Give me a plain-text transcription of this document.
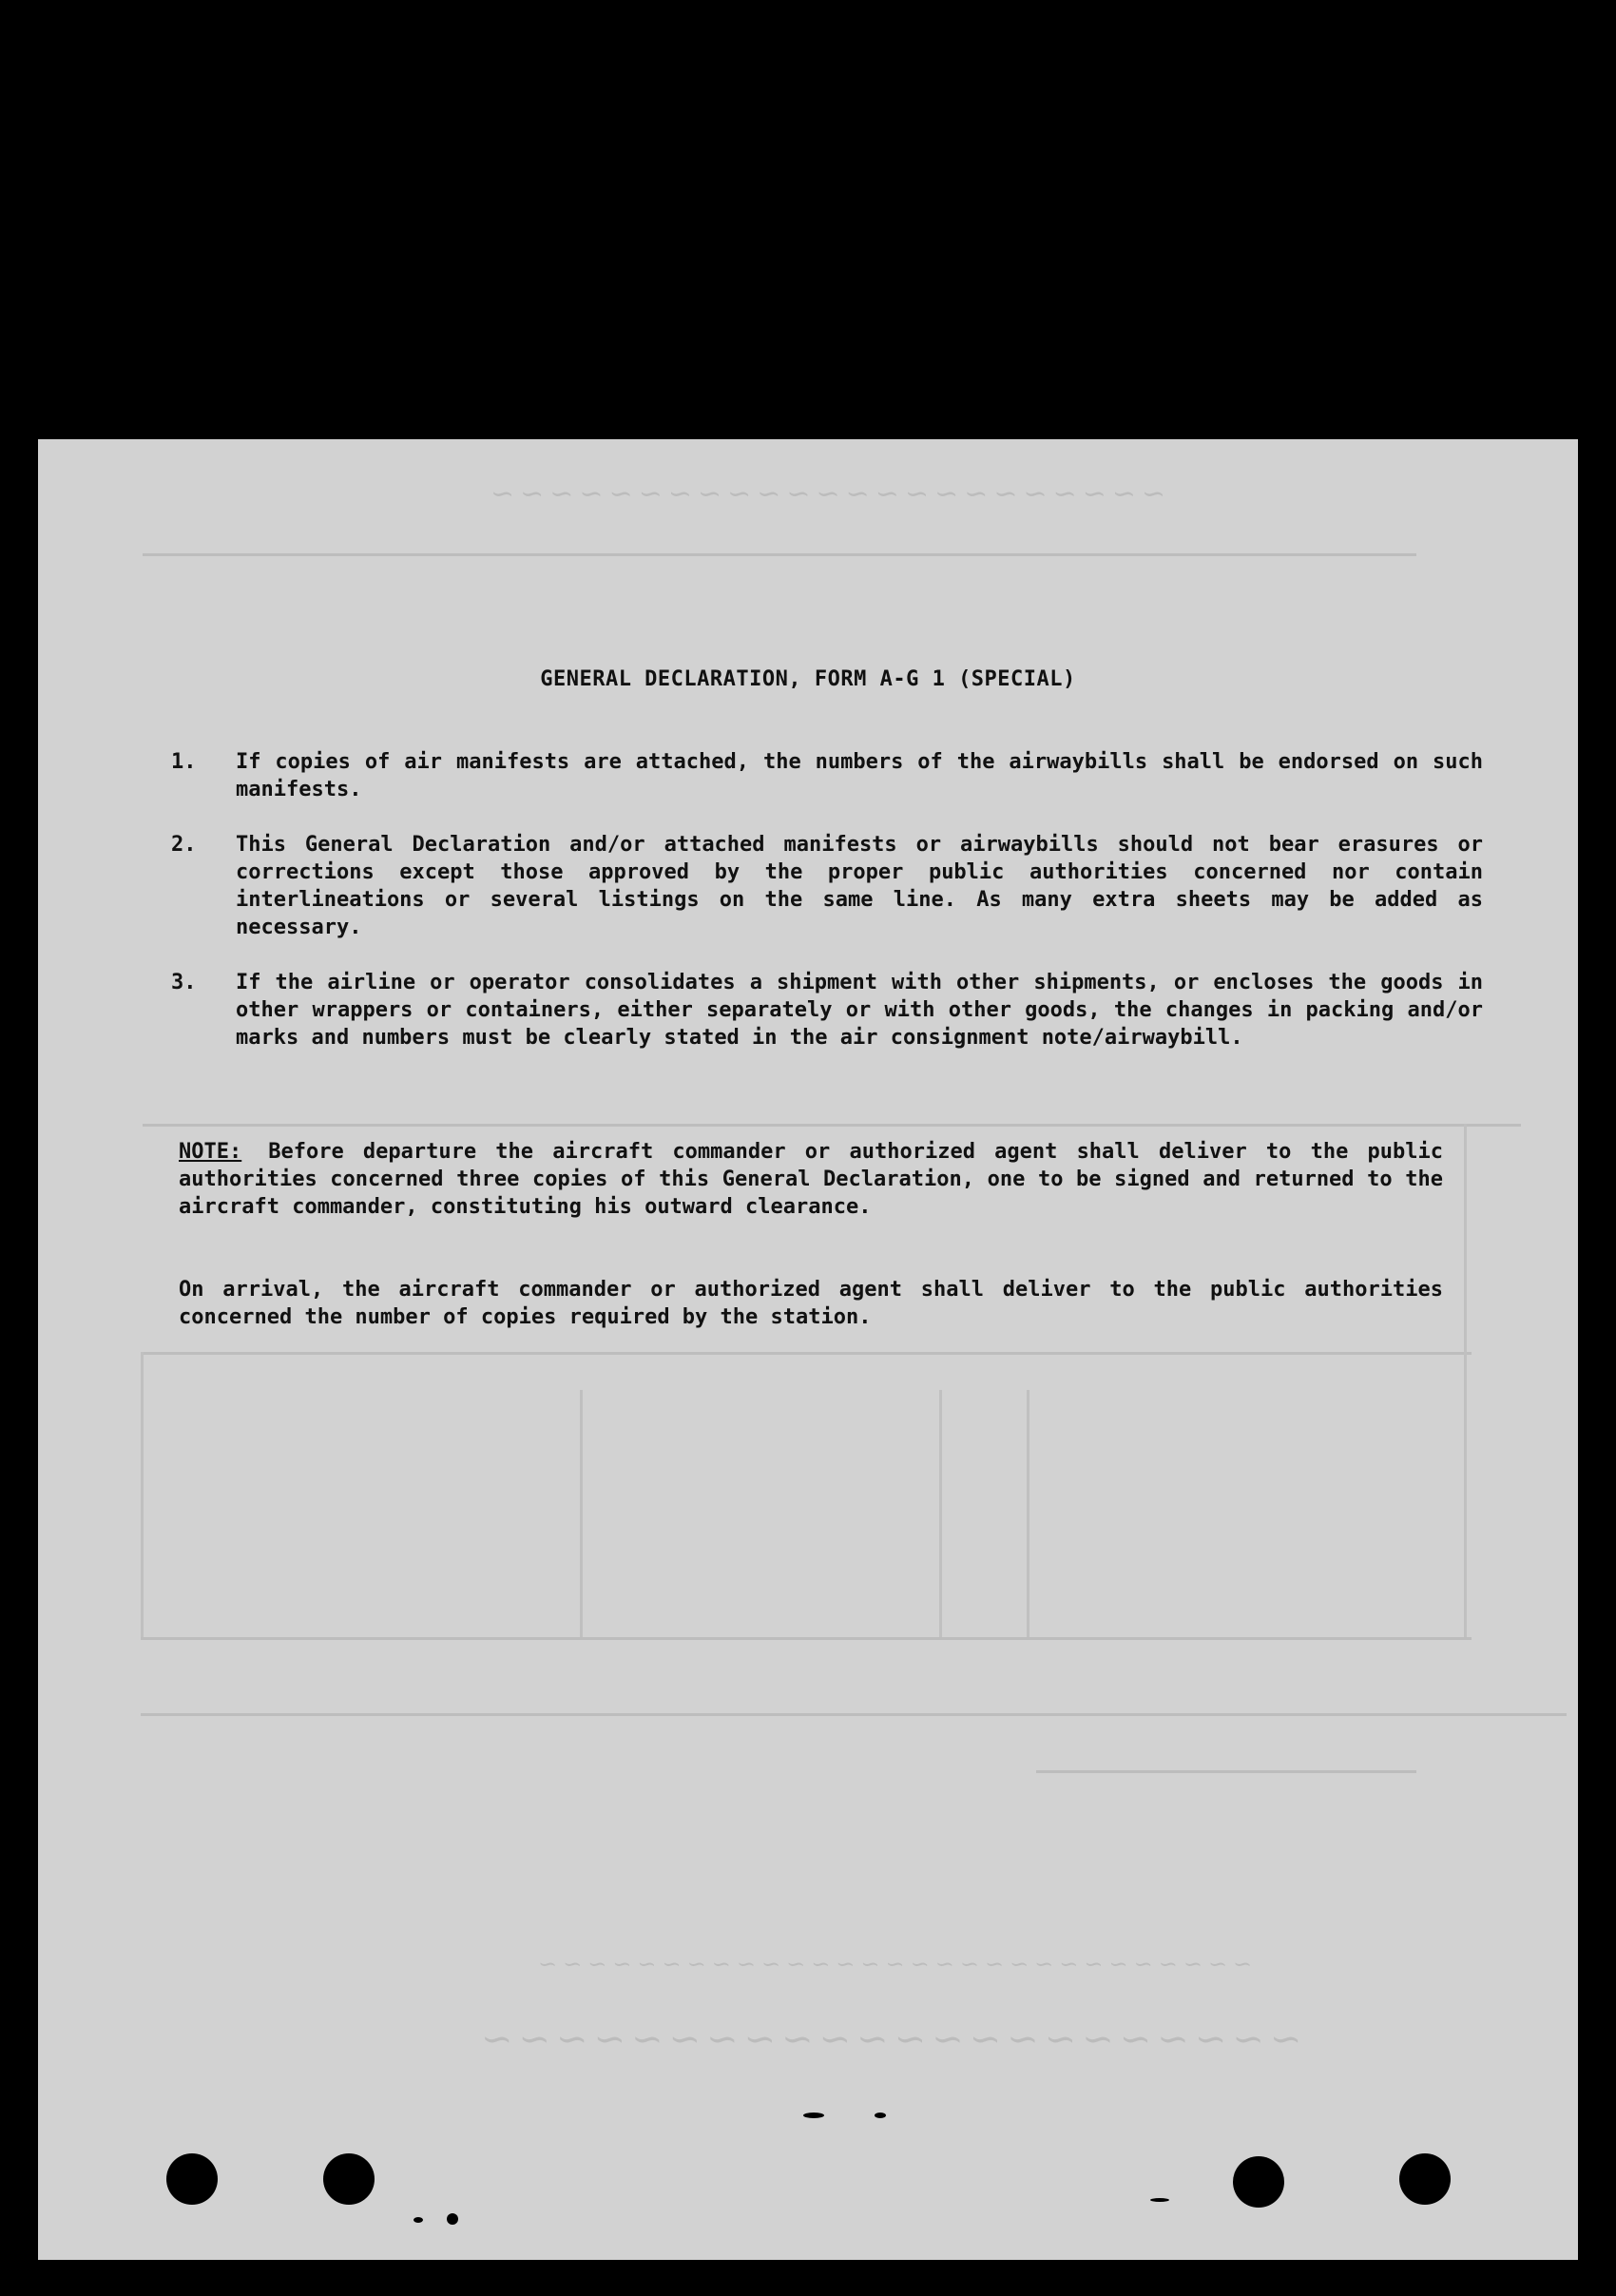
~~~~~~~~~~~~~~~~~~~~~~~
~~~~~~~~~~~~~~~~~~~~~~
~~~~~~~~~~~~~~~~~~~~~~~~~~~~~
GENERAL DECLARATION, FORM A-G 1 (SPECIAL)
1.	If copies of air manifests are attached, the numbers of the airwaybills shall be endorsed on such manifests.
2.	This General Declaration and/or attached manifests or airwaybills should not bear erasures or corrections except those approved by the proper public authorities concerned nor contain interlineations or several listings on the same line. As many extra sheets may be added as necessary.
3.	If the airline or operator consolidates a shipment with other shipments, or encloses the goods in other wrappers or containers, either separately or with other goods, the changes in packing and/or marks and numbers must be clearly stated in the air consignment note/airwaybill.
NOTE: Before departure the aircraft commander or authorized agent shall deliver to the public authorities concerned three copies of this General Declaration, one to be signed and returned to the aircraft commander, constituting his outward clearance.
On arrival, the aircraft commander or authorized agent shall deliver to the public authorities concerned the number of copies required by the station.
